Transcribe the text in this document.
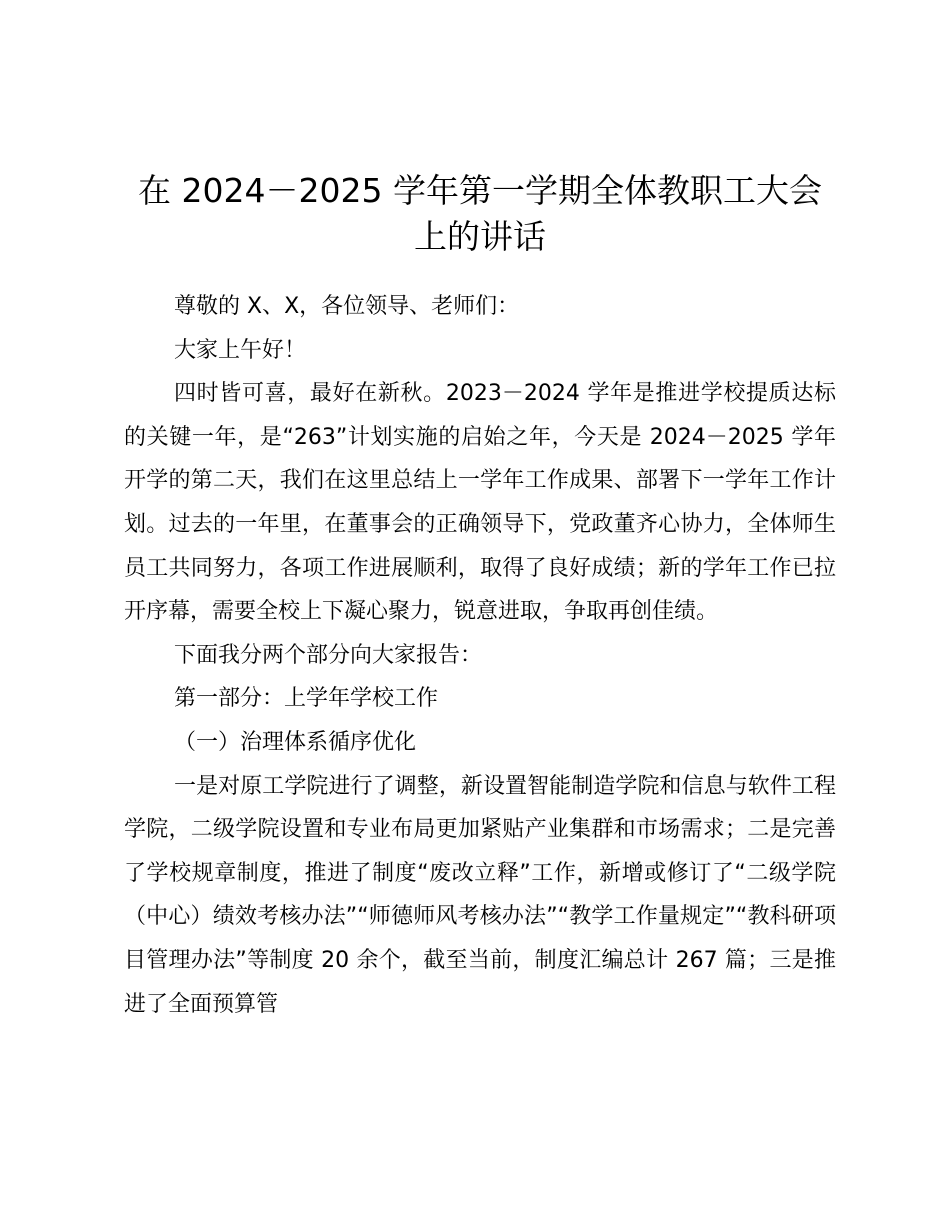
在 2024－2025 学年第一学期全体教职工大会
上的讲话

尊敬的 X、X，各位领导、老师们：

大家上午好！

四时皆可喜，最好在新秋。2023－2024 学年是推进学校提质达标的关键一年，是“263”计划实施的启始之年，今天是 2024－2025 学年开学的第二天，我们在这里总结上一学年工作成果、部署下一学年工作计划。过去的一年里，在董事会的正确领导下，党政董齐心协力，全体师生员工共同努力，各项工作进展顺利，取得了良好成绩；新的学年工作已拉开序幕，需要全校上下凝心聚力，锐意进取，争取再创佳绩。

下面我分两个部分向大家报告：

第一部分：上学年学校工作

（一）治理体系循序优化

一是对原工学院进行了调整，新设置智能制造学院和信息与软件工程学院，二级学院设置和专业布局更加紧贴产业集群和市场需求；二是完善了学校规章制度，推进了制度“废改立释”工作，新增或修订了“二级学院（中心）绩效考核办法”“师德师风考核办法”“教学工作量规定”“教科研项目管理办法”等制度 20 余个，截至当前，制度汇编总计 267 篇；三是推进了全面预算管
